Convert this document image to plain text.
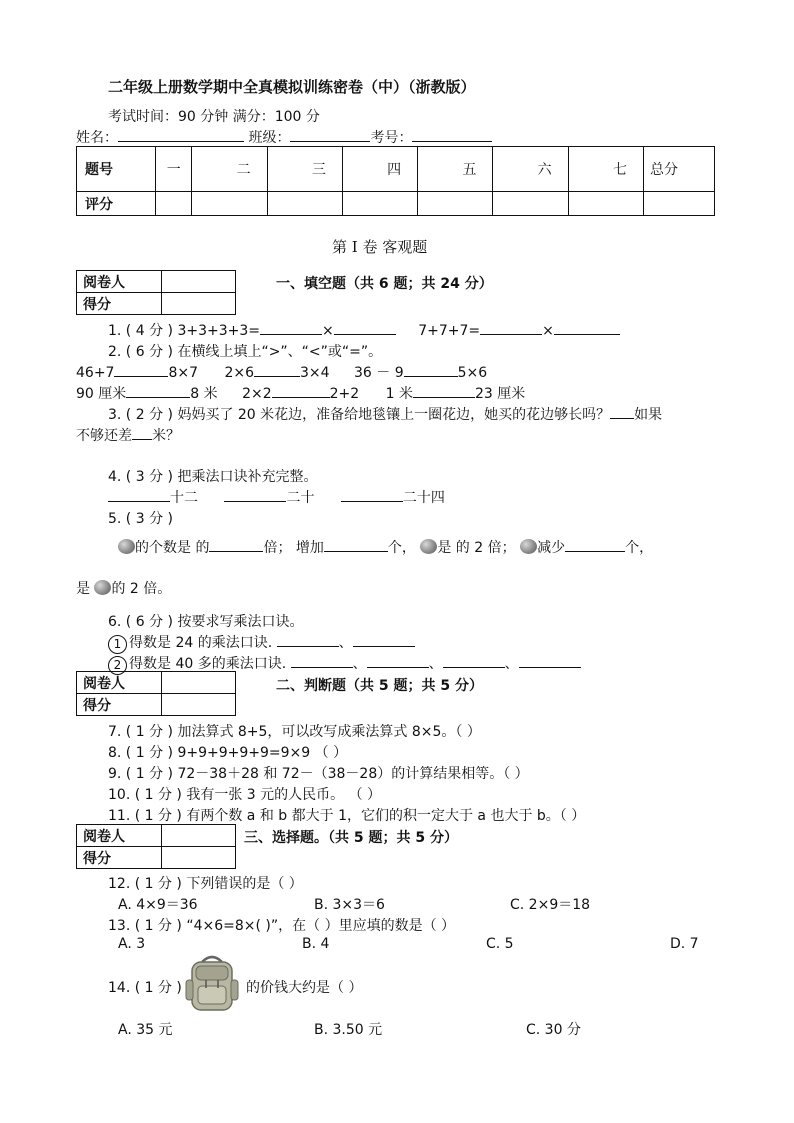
二年级上册数学期中全真模拟训练密卷（中）（浙教版）
考试时间：90 分钟 满分：100 分
姓名：	班级：	考号：
题号	一	二	三	四	五	六	七	总分
评分								
第 I 卷 客观题
阅卷人	
得分	
一、填空题（共 6 题；共 24 分）
1. ( 4 分 ) 3+3+3+3=	×	7+7+7=	×
2. ( 6 分 ) 在横线上填上“>”、“<”或“=”。
46+7	8×7 2×6	3×4 36 － 9	5×6
90 厘米	8 米 2×2	2+2 1 米	23 厘米
3. ( 2 分 ) 妈妈买了 20 米花边，准备给地毯镶上一圈花边，她买的花边够长吗？ 如果
不够还差 米？
4. ( 3 分 ) 把乘法口诀补充完整。
十二	二十	二十四
5. ( 3 分 )
的个数是 的	倍； 增加	个， 是 的 2 倍； 减少	个，
是 的 2 倍。
6. ( 6 分 ) 按要求写乘法口诀。
1 得数是 24 的乘法口诀.	、
2 得数是 40 多的乘法口诀.	、	、	、
阅卷人	
得分	
二、判断题（共 5 题；共 5 分）
7. ( 1 分 ) 加法算式 8+5，可以改写成乘法算式 8×5。（ ）
8. ( 1 分 ) 9+9+9+9+9=9×9 （ ）
9. ( 1 分 ) 72－38＋28 和 72－（38－28）的计算结果相等。（ ）
10. ( 1 分 ) 我有一张 3 元的人民币。 （ ）
11. ( 1 分 ) 有两个数 a 和 b 都大于 1，它们的积一定大于 a 也大于 b。（ ）
阅卷人	
得分	
三、选择题。（共 5 题；共 5 分）
12. ( 1 分 ) 下列错误的是（ ）
A. 4×9＝36	B. 3×3＝6	C. 2×9＝18
13. ( 1 分 ) “4×6=8×( )”，在（ ）里应填的数是（ ）
A. 3	B. 4	C. 5	D. 7
14. ( 1 分 )	的价钱大约是（ ）
A. 35 元	B. 3.50 元	C. 30 分
